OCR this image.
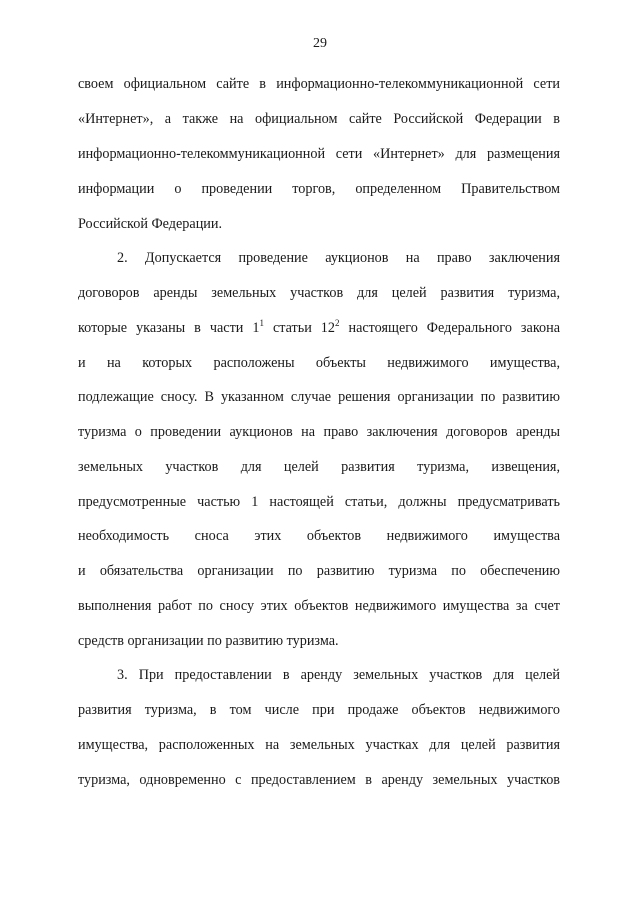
29
своем официальном сайте в информационно-телекоммуникационной сети
«Интернет», а также на официальном сайте Российской Федерации в
информационно-телекоммуникационной сети «Интернет» для размещения
информации о проведении торгов, определенном Правительством
Российской Федерации.
2. Допускается проведение аукционов на право заключения
договоров аренды земельных участков для целей развития туризма,
которые указаны в части $1^1$ статьи $12^2$ настоящего Федерального закона
и на которых расположены объекты недвижимого имущества,
подлежащие сносу. В указанном случае решения организации по развитию
туризма о проведении аукционов на право заключения договоров аренды
земельных участков для целей развития туризма, извещения,
предусмотренные частью 1 настоящей статьи, должны предусматривать
необходимость сноса этих объектов недвижимого имущества
и обязательства организации по развитию туризма по обеспечению
выполнения работ по сносу этих объектов недвижимого имущества за счет
средств организации по развитию туризма.
3. При предоставлении в аренду земельных участков для целей
развития туризма, в том числе при продаже объектов недвижимого
имущества, расположенных на земельных участках для целей развития
туризма, одновременно с предоставлением в аренду земельных участков
